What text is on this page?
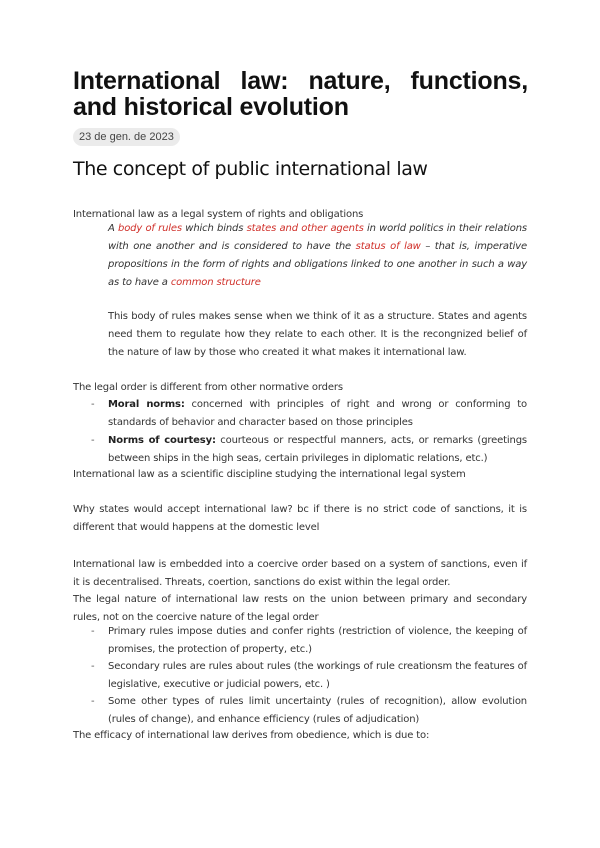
International law: nature, functions, and historical evolution
23 de gen. de 2023
The concept of public international law

International law as a legal system of rights and obligations

A body of rules which binds states and other agents in world politics in their relations with one another and is considered to have the status of law – that is, imperative propositions in the form of rights and obligations linked to one another in such a way as to have a common structure

This body of rules makes sense when we think of it as a structure. States and agents need them to regulate how they relate to each other. It is the recongnized belief of the nature of law by those who created it what makes it international law.

The legal order is different from other normative orders

- Moral norms: concerned with principles of right and wrong or conforming to standards of behavior and character based on those principles

- Norms of courtesy: courteous or respectful manners, acts, or remarks (greetings between ships in the high seas, certain privileges in diplomatic relations, etc.)

International law as a scientific discipline studying the international legal system

Why states would accept international law? bc if there is no strict code of sanctions, it is different that would happens at the domestic level

International law is embedded into a coercive order based on a system of sanctions, even if it is decentralised. Threats, coertion, sanctions do exist within the legal order.

The legal nature of international law rests on the union between primary and secondary rules, not on the coercive nature of the legal order

- Primary rules impose duties and confer rights (restriction of violence, the keeping of promises, the protection of property, etc.)

- Secondary rules are rules about rules (the workings of rule creationsm the features of legislative, executive or judicial powers, etc. )

- Some other types of rules limit uncertainty (rules of recognition), allow evolution (rules of change), and enhance efficiency (rules of adjudication)

The efficacy of international law derives from obedience, which is due to:
